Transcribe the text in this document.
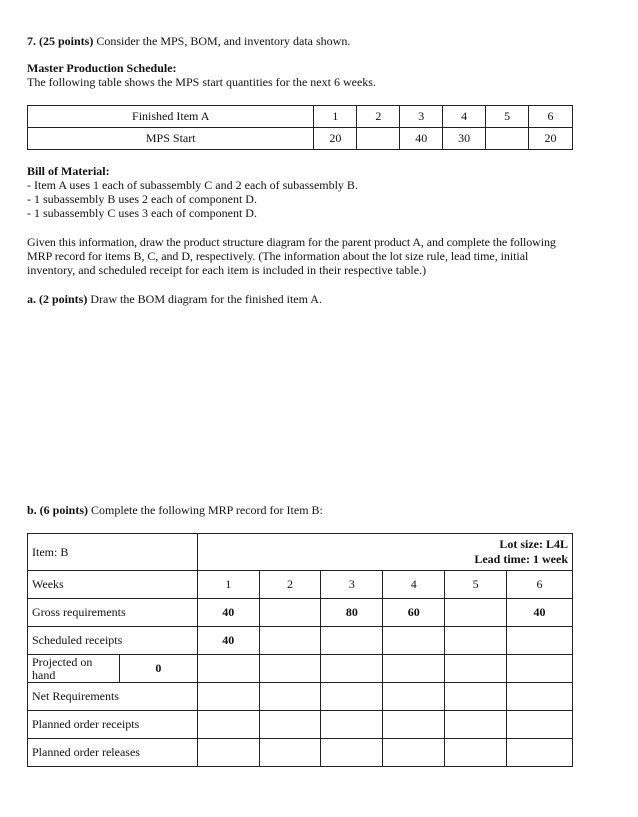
7. (25 points) Consider the MPS, BOM, and inventory data shown.
Master Production Schedule:
The following table shows the MPS start quantities for the next 6 weeks.
Finished Item A	1	2	3	4	5	6
MPS Start	20		40	30		20
Bill of Material:
- Item A uses 1 each of subassembly C and 2 each of subassembly B.
- 1 subassembly B uses 2 each of component D.
- 1 subassembly C uses 3 each of component D.
Given this information, draw the product structure diagram for the parent product A, and complete the following
MRP record for items B, C, and D, respectively. (The information about the lot size rule, lead time, initial
inventory, and scheduled receipt for each item is included in their respective table.)
a. (2 points) Draw the BOM diagram for the finished item A.
b. (6 points) Complete the following MRP record for Item B:
Item: B		Lot size: L4L
Lead time: 1 week					

Weeks		1	2	3	4	5	6
Gross requirements		40		80	60		40
Scheduled receipts		40					

Projected on
hand	0						
Net Requirements							
Planned order receipts							
Planned order releases							
